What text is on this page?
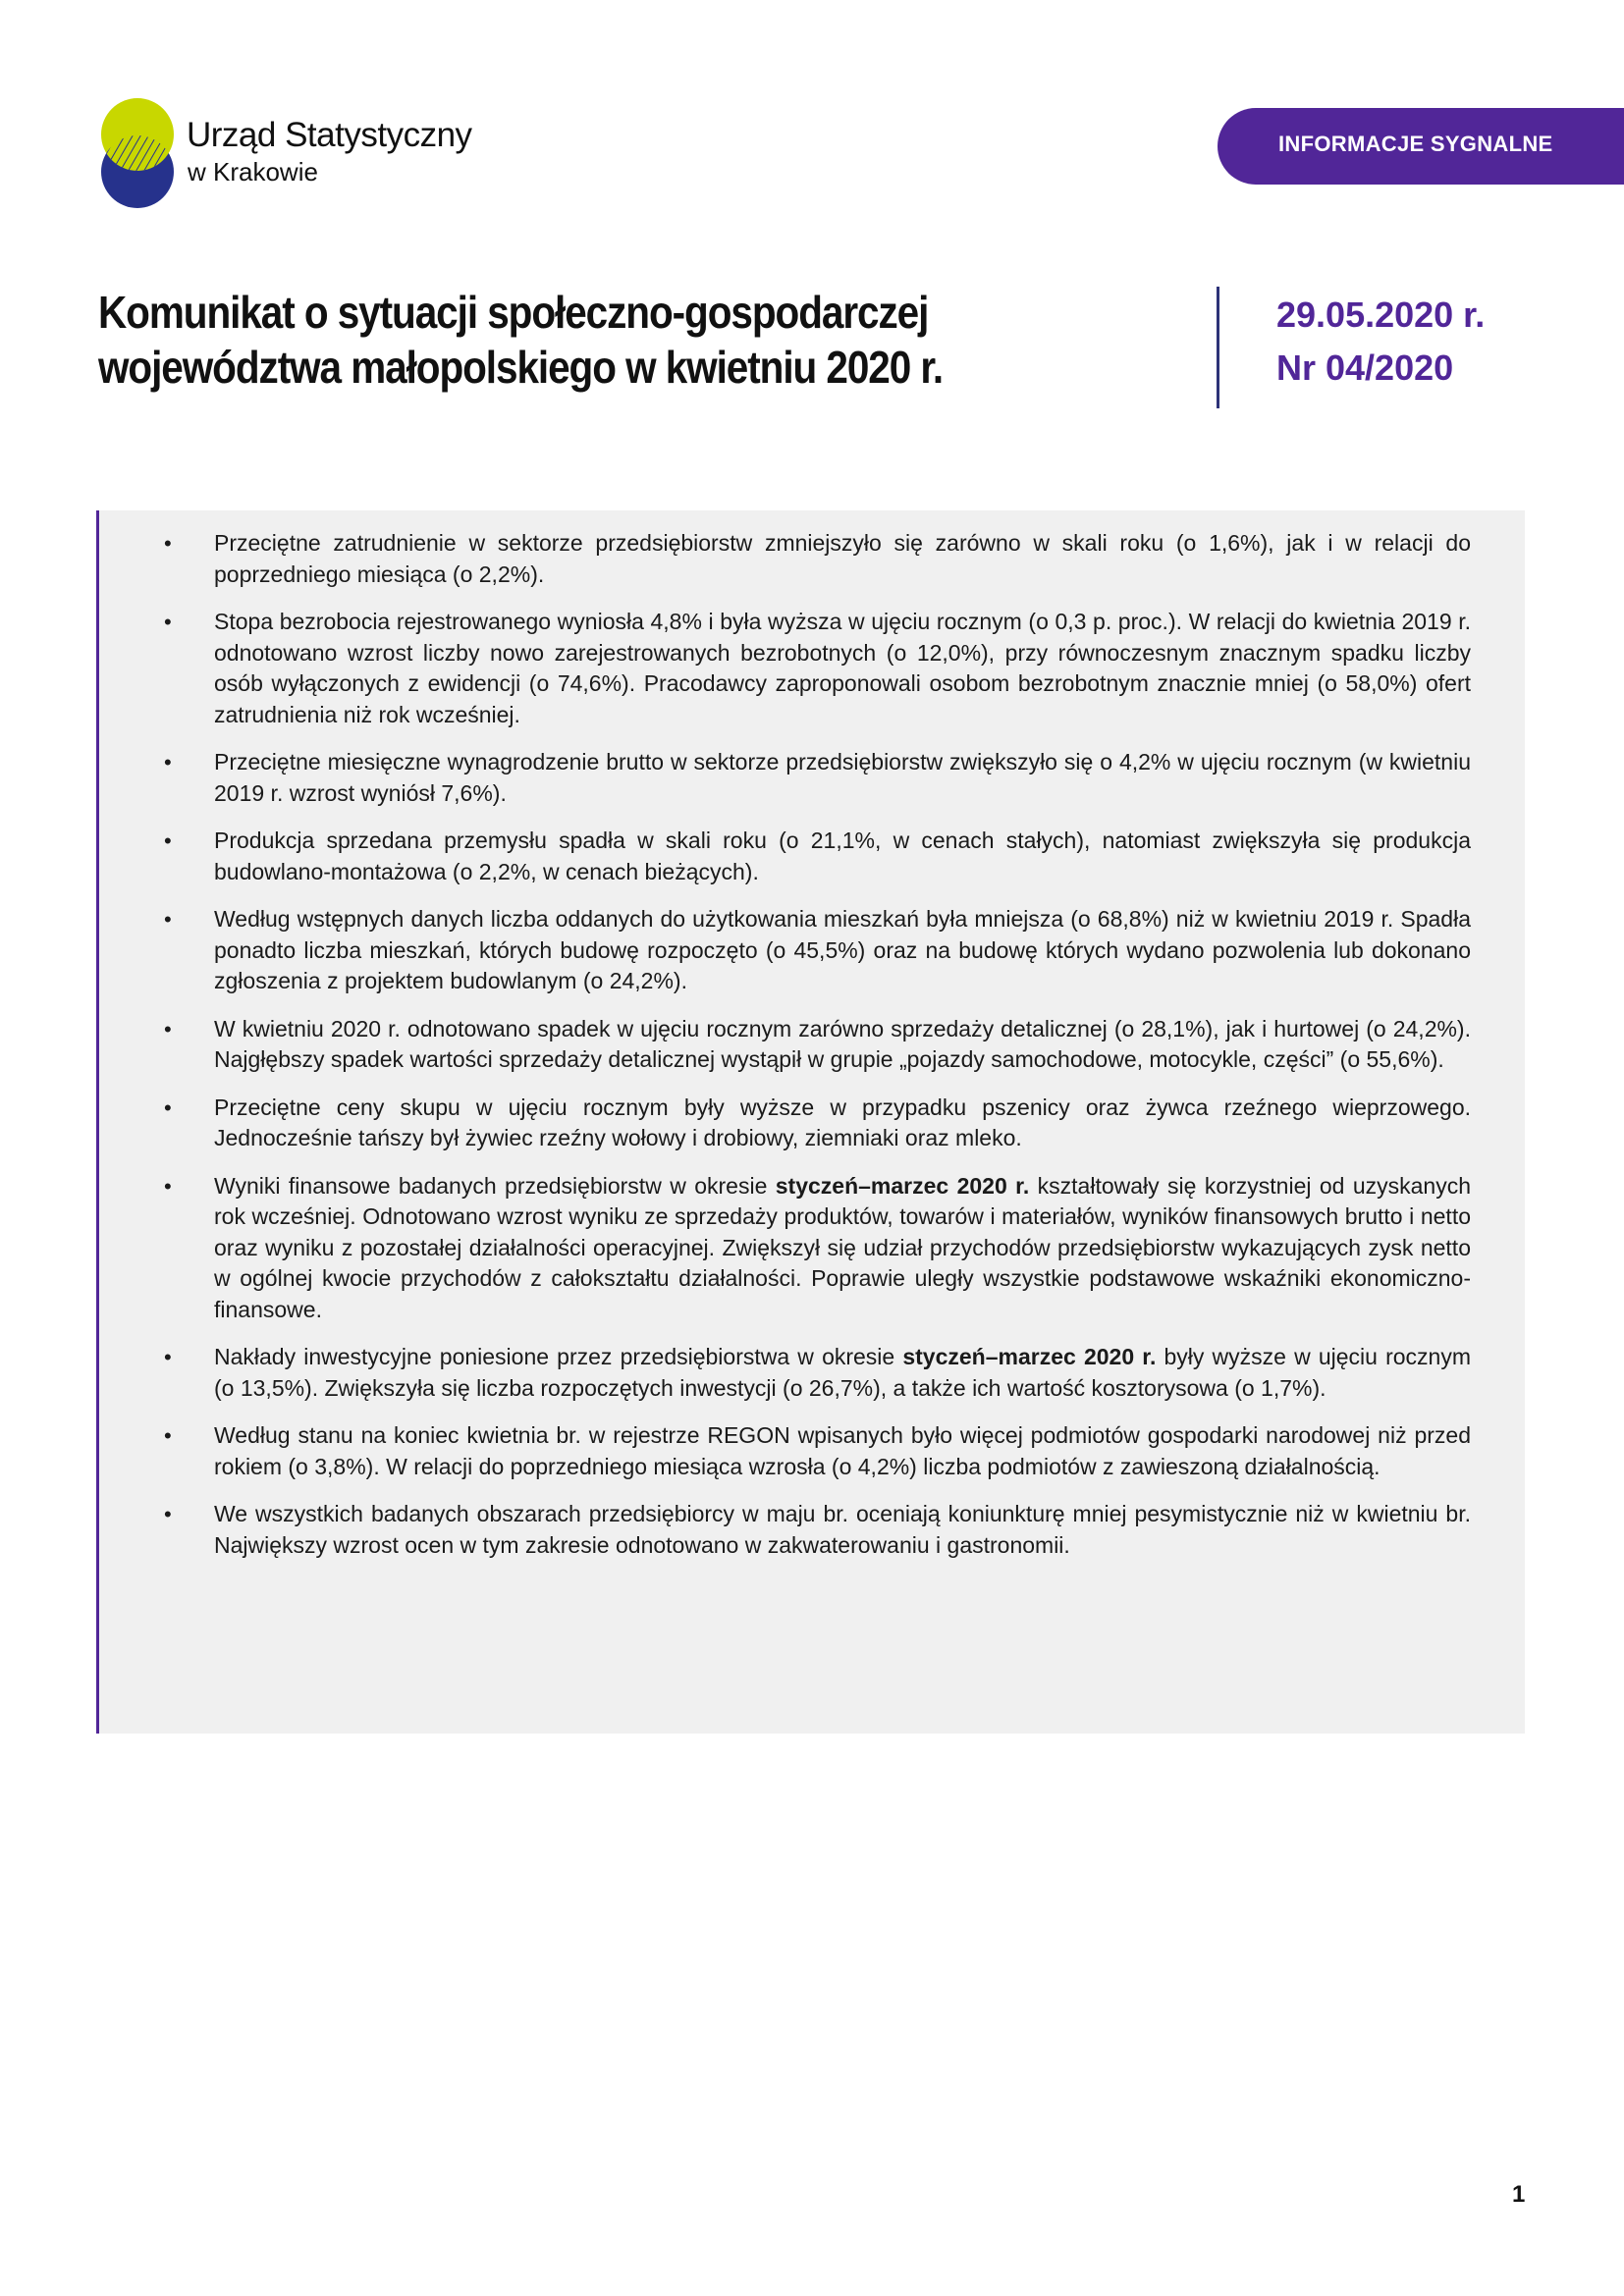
Urząd Statystyczny
w Krakowie
INFORMACJE SYGNALNE
Komunikat o sytuacji społeczno-gospodarczej
województwa małopolskiego w kwietniu 2020 r.
29.05.2020 r.
Nr 04/2020
• Przeciętne zatrudnienie w sektorze przedsiębiorstw zmniejszyło się zarówno w skali roku (o 1,6%), jak i w relacji do poprzedniego miesiąca (o 2,2%).
• Stopa bezrobocia rejestrowanego wyniosła 4,8% i była wyższa w ujęciu rocznym (o 0,3 p. proc.). W relacji do kwietnia 2019 r. odnotowano wzrost liczby nowo zarejestrowanych bezrobotnych (o 12,0%), przy równoczesnym znacznym spadku liczby osób wyłączonych z ewidencji (o 74,6%). Pracodawcy zaproponowali osobom bezrobotnym znacznie mniej (o 58,0%) ofert zatrudnienia niż rok wcześniej.
• Przeciętne miesięczne wynagrodzenie brutto w sektorze przedsiębiorstw zwiększyło się o 4,2% w ujęciu rocznym (w kwietniu 2019 r. wzrost wyniósł 7,6%).
• Produkcja sprzedana przemysłu spadła w skali roku (o 21,1%, w cenach stałych), natomiast zwiększyła się produkcja budowlano-montażowa (o 2,2%, w cenach bieżących).
• Według wstępnych danych liczba oddanych do użytkowania mieszkań była mniejsza (o 68,8%) niż w kwietniu 2019 r. Spadła ponadto liczba mieszkań, których budowę rozpoczęto (o 45,5%) oraz na budowę których wydano pozwolenia lub dokonano zgłoszenia z projektem budowlanym (o 24,2%).
• W kwietniu 2020 r. odnotowano spadek w ujęciu rocznym zarówno sprzedaży detalicznej (o 28,1%), jak i hurtowej (o 24,2%). Najgłębszy spadek wartości sprzedaży detalicznej wystąpił w grupie „pojazdy samochodowe, motocykle, części” (o 55,6%).
• Przeciętne ceny skupu w ujęciu rocznym były wyższe w przypadku pszenicy oraz żywca rzeźnego wieprzowego. Jednocześnie tańszy był żywiec rzeźny wołowy i drobiowy, ziemniaki oraz mleko.
• Wyniki finansowe badanych przedsiębiorstw w okresie styczeń–marzec 2020 r. kształtowały się korzystniej od uzyskanych rok wcześniej. Odnotowano wzrost wyniku ze sprzedaży produktów, towarów i materiałów, wyników finansowych brutto i netto oraz wyniku z pozostałej działalności operacyjnej. Zwiększył się udział przychodów przedsiębiorstw wykazujących zysk netto w ogólnej kwocie przychodów z całokształtu działalności. Poprawie uległy wszystkie podstawowe wskaźniki ekonomiczno-finansowe.
• Nakłady inwestycyjne poniesione przez przedsiębiorstwa w okresie styczeń–marzec 2020 r. były wyższe w ujęciu rocznym (o 13,5%). Zwiększyła się liczba rozpoczętych inwestycji (o 26,7%), a także ich wartość kosztorysowa (o 1,7%).
• Według stanu na koniec kwietnia br. w rejestrze REGON wpisanych było więcej podmiotów gospodarki narodowej niż przed rokiem (o 3,8%). W relacji do poprzedniego miesiąca wzrosła (o 4,2%) liczba podmiotów z zawieszoną działalnością.
• We wszystkich badanych obszarach przedsiębiorcy w maju br. oceniają koniunkturę mniej pesymistycznie niż w kwietniu br. Największy wzrost ocen w tym zakresie odnotowano w zakwaterowaniu i gastronomii.
1
